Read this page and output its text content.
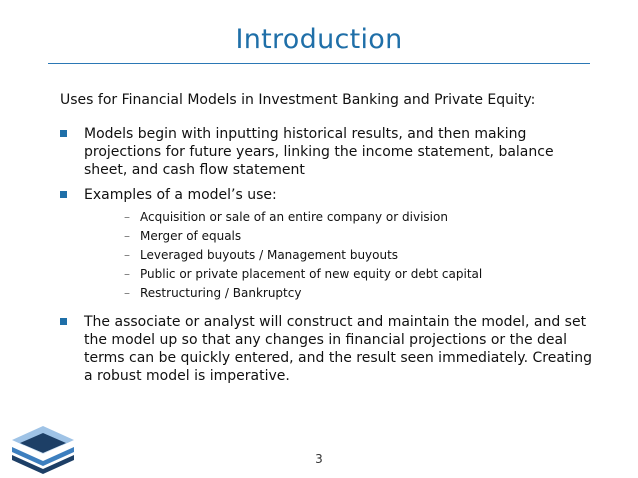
Introduction
Uses for Financial Models in Investment Banking and Private Equity:
Models begin with inputting historical results, and then making projections for future years, linking the income statement, balance sheet, and cash flow statement
Examples of a model’s use:
– Acquisition or sale of an entire company or division
– Merger of equals
– Leveraged buyouts / Management buyouts
– Public or private placement of new equity or debt capital
– Restructuring / Bankruptcy
The associate or analyst will construct and maintain the model, and set the model up so that any changes in financial projections or the deal terms can be quickly entered, and the result seen immediately. Creating a robust model is imperative.
3
